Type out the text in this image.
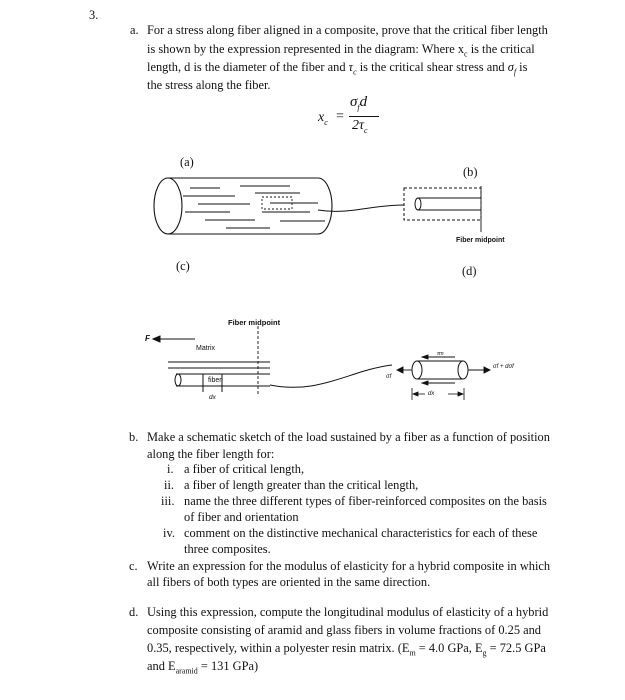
3.
a. For a stress along fiber aligned in a composite, prove that the critical fiber length
is shown by the expression represented in the diagram: Where $x_c$ is the critical
length, d is the diameter of the fiber and $\tau_c$ is the critical shear stress and $\sigma_f$ is
the stress along the fiber.
$x_c$ =
$\sigma_fd$
$2\tau_c$
(a)
(b)
(c)	(d)
Fiber midpoint
Fiber midpoint
F
Matrix
fiber
dx
σf
τm
σf + dσf
dx
b. Make a schematic sketch of the load sustained by a fiber as a function of position
along the fiber length for:
i. a fiber of critical length,
ii. a fiber of length greater than the critical length,
iii. name the three different types of fiber-reinforced composites on the basis
of fiber and orientation
iv. comment on the distinctive mechanical characteristics for each of these
three composites.
c. Write an expression for the modulus of elasticity for a hybrid composite in which
all fibers of both types are oriented in the same direction.
d. Using this expression, compute the longitudinal modulus of elasticity of a hybrid
composite consisting of aramid and glass fibers in volume fractions of 0.25 and
0.35, respectively, within a polyester resin matrix. ($E_m = 4.0$ GPa, $E_g = 72.5$ GPa
and $E_{aramid} = 131$ GPa)
